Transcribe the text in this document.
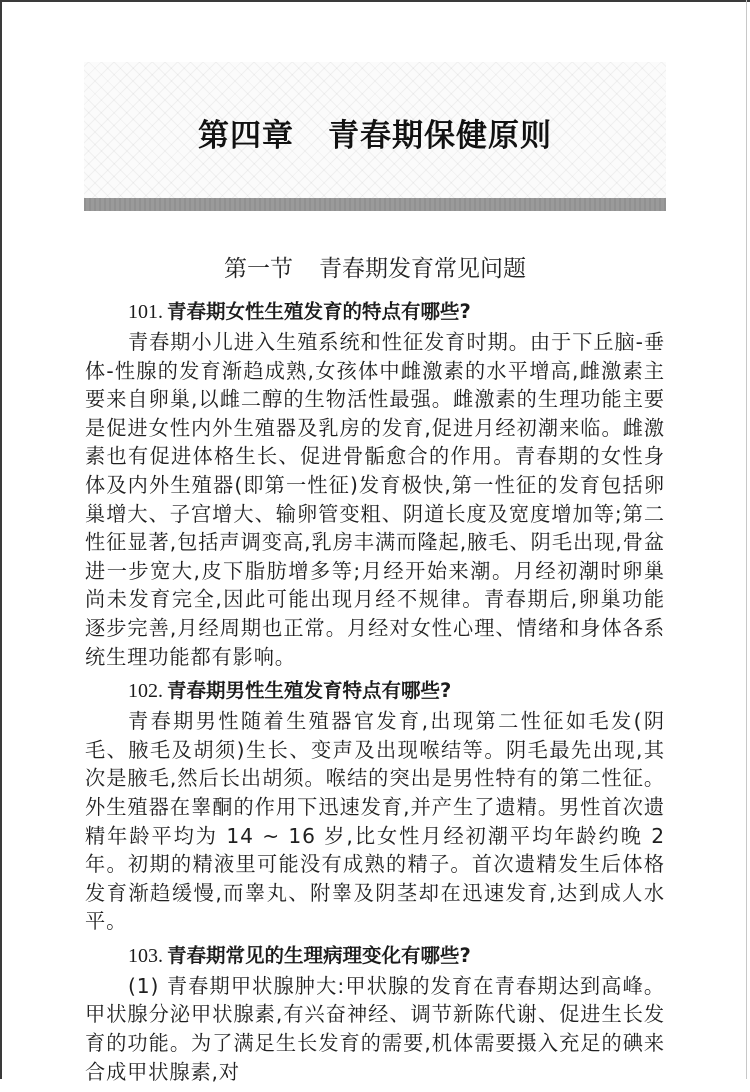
第四章 青春期保健原则
第一节 青春期发育常见问题
101. 青春期女性生殖发育的特点有哪些?

青春期小儿进入生殖系统和性征发育时期。由于下丘脑-垂体-性腺的发育渐趋成熟,女孩体中雌激素的水平增高,雌激素主要来自卵巢,以雌二醇的生物活性最强。雌激素的生理功能主要是促进女性内外生殖器及乳房的发育,促进月经初潮来临。雌激素也有促进体格生长、促进骨骺愈合的作用。青春期的女性身体及内外生殖器(即第一性征)发育极快,第一性征的发育包括卵巢增大、子宫增大、输卵管变粗、阴道长度及宽度增加等;第二性征显著,包括声调变高,乳房丰满而隆起,腋毛、阴毛出现,骨盆进一步宽大,皮下脂肪增多等;月经开始来潮。月经初潮时卵巢尚未发育完全,因此可能出现月经不规律。青春期后,卵巢功能逐步完善,月经周期也正常。月经对女性心理、情绪和身体各系统生理功能都有影响。

102. 青春期男性生殖发育特点有哪些?

青春期男性随着生殖器官发育,出现第二性征如毛发(阴毛、腋毛及胡须)生长、变声及出现喉结等。阴毛最先出现,其次是腋毛,然后长出胡须。喉结的突出是男性特有的第二性征。外生殖器在睾酮的作用下迅速发育,并产生了遗精。男性首次遗精年龄平均为 14 ~ 16 岁,比女性月经初潮平均年龄约晚 2 年。初期的精液里可能没有成熟的精子。首次遗精发生后体格发育渐趋缓慢,而睾丸、附睾及阴茎却在迅速发育,达到成人水平。

103. 青春期常见的生理病理变化有哪些?

(1) 青春期甲状腺肿大:甲状腺的发育在青春期达到高峰。甲状腺分泌甲状腺素,有兴奋神经、调节新陈代谢、促进生长发育的功能。为了满足生长发育的需要,机体需要摄入充足的碘来合成甲状腺素,对
